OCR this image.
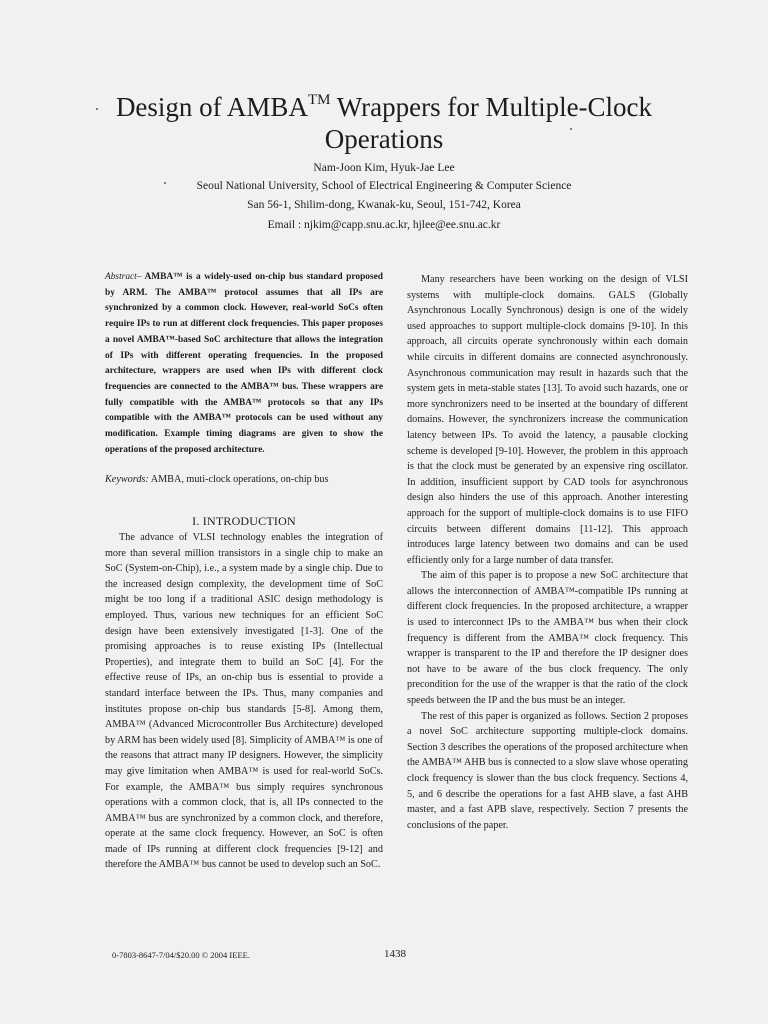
Design of AMBA™ Wrappers for Multiple-Clock
Operations
Nam-Joon Kim, Hyuk-Jae Lee
Seoul National University, School of Electrical Engineering & Computer Science
San 56-1, Shilim-dong, Kwanak-ku, Seoul, 151-742, Korea
Email : njkim@capp.snu.ac.kr, hjlee@ee.snu.ac.kr

Abstract– AMBA™ is a widely-used on-chip bus standard proposed by ARM. The AMBA™ protocol assumes that all IPs are synchronized by a common clock. However, real-world SoCs often require IPs to run at different clock frequencies. This paper proposes a novel AMBA™-based SoC architecture that allows the integration of IPs with different operating frequencies. In the proposed architecture, wrappers are used when IPs with different clock frequencies are connected to the AMBA™ bus. These wrappers are fully compatible with the AMBA™ protocols so that any IPs compatible with the AMBA™ protocols can be used without any modification. Example timing diagrams are given to show the operations of the proposed architecture.

Keywords: AMBA, muti-clock operations, on-chip bus

I. INTRODUCTION

The advance of VLSI technology enables the integration of more than several million transistors in a single chip to make an SoC (System-on-Chip), i.e., a system made by a single chip. Due to the increased design complexity, the development time of SoC might be too long if a traditional ASIC design methodology is employed. Thus, various new techniques for an efficient SoC design have been extensively investigated [1-3]. One of the promising approaches is to reuse existing IPs (Intellectual Properties), and integrate them to build an SoC [4]. For the effective reuse of IPs, an on-chip bus is essential to provide a standard interface between the IPs. Thus, many companies and institutes propose on-chip bus standards [5-8]. Among them, AMBA™ (Advanced Microcontroller Bus Architecture) developed by ARM has been widely used [8]. Simplicity of AMBA™ is one of the reasons that attract many IP designers. However, the simplicity may give limitation when AMBA™ is used for real-world SoCs. For example, the AMBA™ bus simply requires synchronous operations with a common clock, that is, all IPs connected to the AMBA™ bus are synchronized by a common clock, and therefore, operate at the same clock frequency. However, an SoC is often made of IPs running at different clock frequencies [9-12] and therefore the AMBA™ bus cannot be used to develop such an SoC.

Many researchers have been working on the design of VLSI systems with multiple-clock domains. GALS (Globally Asynchronous Locally Synchronous) design is one of the widely used approaches to support multiple-clock domains [9-10]. In this approach, all circuits operate synchronously within each domain while circuits in different domains are connected asynchronously. Asynchronous communication may result in hazards such that the system gets in meta-stable states [13]. To avoid such hazards, one or more synchronizers need to be inserted at the boundary of different domains. However, the synchronizers increase the communication latency between IPs. To avoid the latency, a pausable clocking scheme is developed [9-10]. However, the problem in this approach is that the clock must be generated by an expensive ring oscillator. In addition, insufficient support by CAD tools for asynchronous design also hinders the use of this approach. Another interesting approach for the support of multiple-clock domains is to use FIFO circuits between different domains [11-12]. This approach introduces large latency between two domains and can be used efficiently only for a large number of data transfer.

The aim of this paper is to propose a new SoC architecture that allows the interconnection of AMBA™-compatible IPs running at different clock frequencies. In the proposed architecture, a wrapper is used to interconnect IPs to the AMBA™ bus when their clock frequency is different from the AMBA™ clock frequency. This wrapper is transparent to the IP and therefore the IP designer does not have to be aware of the bus clock frequency. The only precondition for the use of the wrapper is that the ratio of the clock speeds between the IP and the bus must be an integer.

The rest of this paper is organized as follows. Section 2 proposes a novel SoC architecture supporting multiple-clock domains. Section 3 describes the operations of the proposed architecture when the AMBA™ AHB bus is connected to a slow slave whose operating clock frequency is slower than the bus clock frequency. Sections 4, 5, and 6 describe the operations for a fast AHB slave, a fast AHB master, and a fast APB slave, respectively. Section 7 presents the conclusions of the paper.

0-7803-8647-7/04/$20.00 © 2004 IEEE.	1438
